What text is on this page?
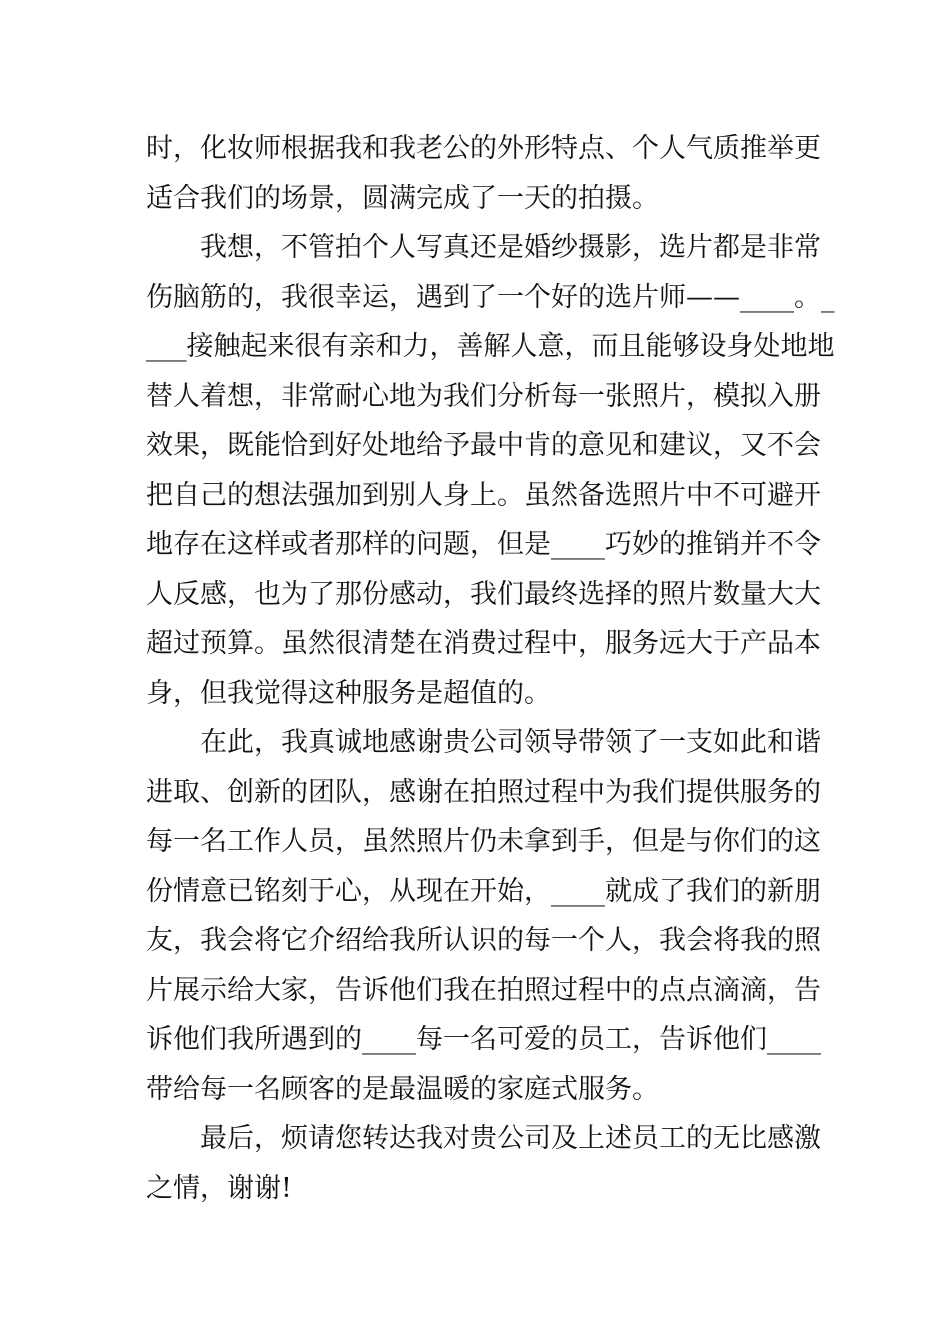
时，化妆师根据我和我老公的外形特点、个人气质推举更
适合我们的场景，圆满完成了一天的拍摄。
　　我想，不管拍个人写真还是婚纱摄影，选片都是非常
伤脑筋的，我很幸运，遇到了一个好的选片师——____。_
___接触起来很有亲和力，善解人意，而且能够设身处地地
替人着想，非常耐心地为我们分析每一张照片，模拟入册
效果，既能恰到好处地给予最中肯的意见和建议，又不会
把自己的想法强加到别人身上。虽然备选照片中不可避开
地存在这样或者那样的问题，但是____巧妙的推销并不令
人反感，也为了那份感动，我们最终选择的照片数量大大
超过预算。虽然很清楚在消费过程中，服务远大于产品本
身，但我觉得这种服务是超值的。
　　在此，我真诚地感谢贵公司领导带领了一支如此和谐
进取、创新的团队，感谢在拍照过程中为我们提供服务的
每一名工作人员，虽然照片仍未拿到手，但是与你们的这
份情意已铭刻于心，从现在开始，____就成了我们的新朋
友，我会将它介绍给我所认识的每一个人，我会将我的照
片展示给大家，告诉他们我在拍照过程中的点点滴滴，告
诉他们我所遇到的____每一名可爱的员工，告诉他们____
带给每一名顾客的是最温暖的家庭式服务。
　　最后，烦请您转达我对贵公司及上述员工的无比感激
之情，谢谢!
